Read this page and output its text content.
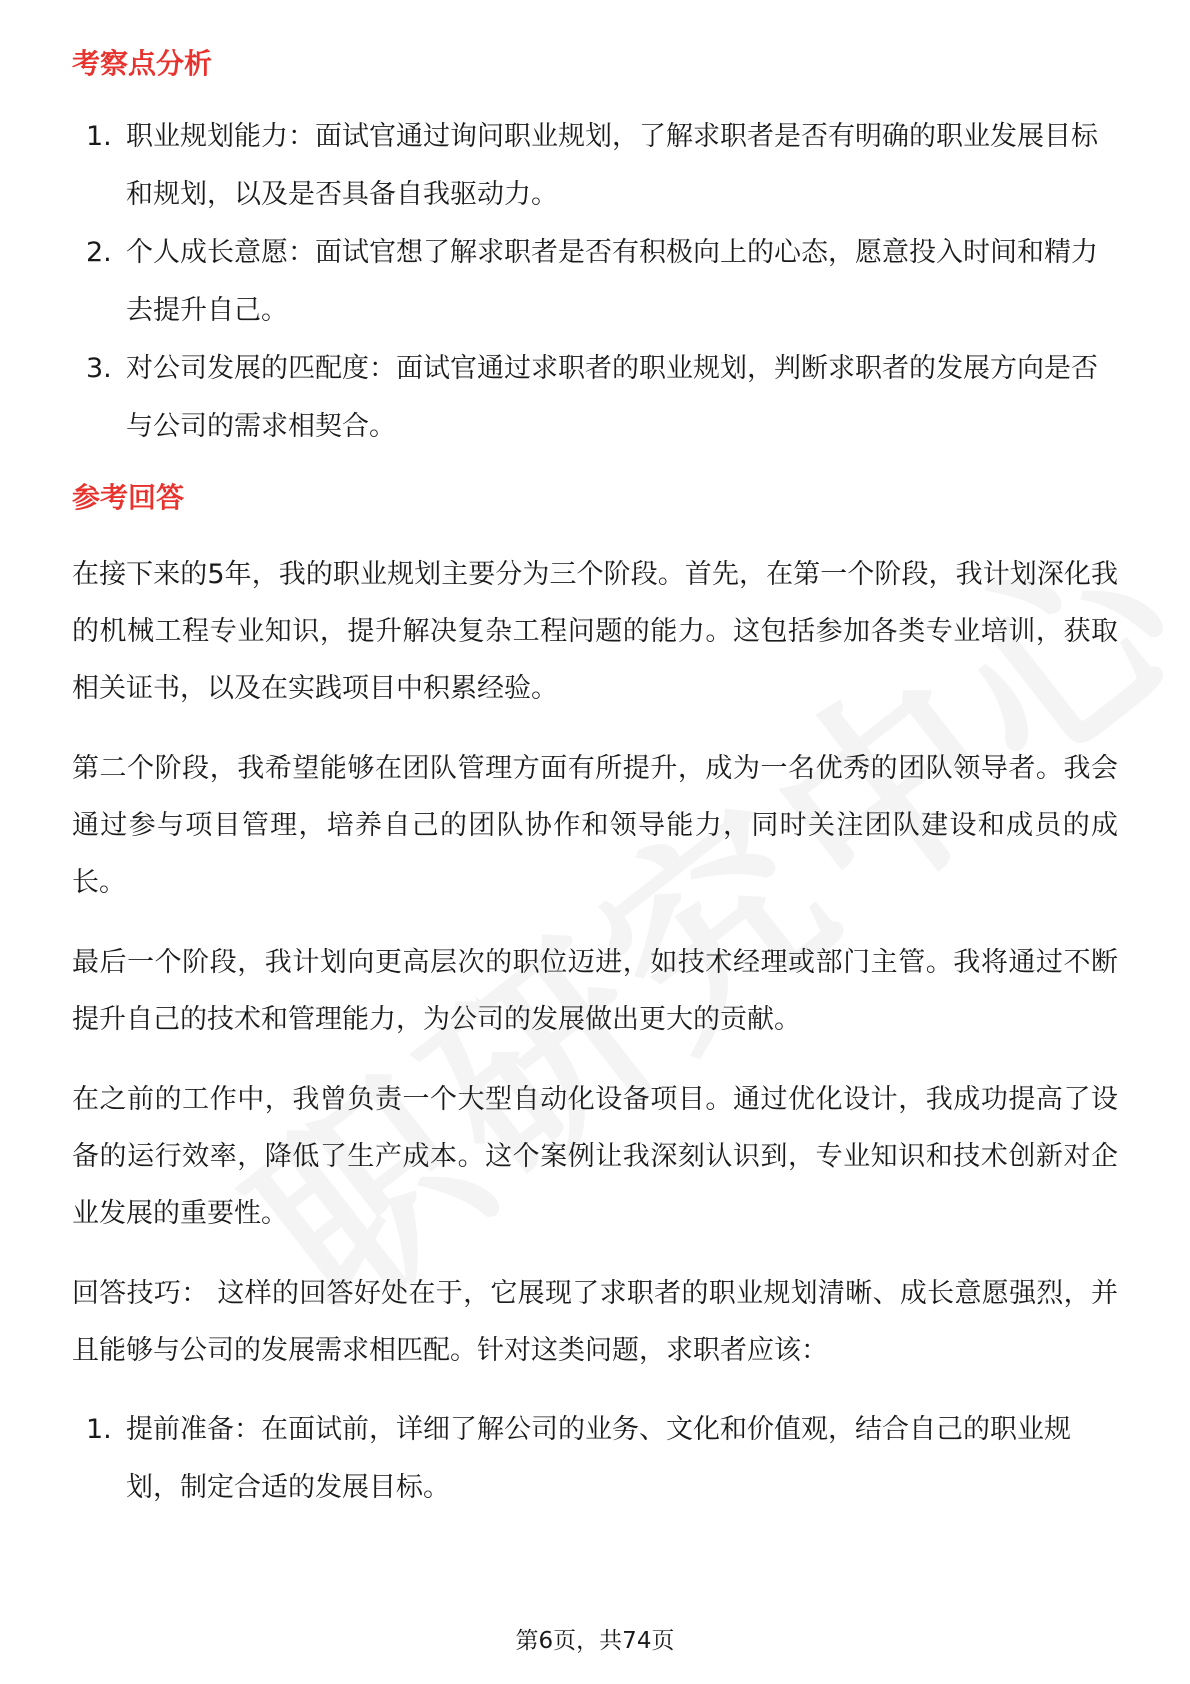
考察点分析
1. 职业规划能力：面试官通过询问职业规划，了解求职者是否有明确的职业发展目标和规划，以及是否具备自我驱动力。
2. 个人成长意愿：面试官想了解求职者是否有积极向上的心态，愿意投入时间和精力去提升自己。
3. 对公司发展的匹配度：面试官通过求职者的职业规划，判断求职者的发展方向是否与公司的需求相契合。
参考回答

在接下来的5年，我的职业规划主要分为三个阶段。首先，在第一个阶段，我计划深化我的机械工程专业知识，提升解决复杂工程问题的能力。这包括参加各类专业培训，获取相关证书，以及在实践项目中积累经验。

第二个阶段，我希望能够在团队管理方面有所提升，成为一名优秀的团队领导者。我会通过参与项目管理，培养自己的团队协作和领导能力，同时关注团队建设和成员的成长。

最后一个阶段，我计划向更高层次的职位迈进，如技术经理或部门主管。我将通过不断提升自己的技术和管理能力，为公司的发展做出更大的贡献。

在之前的工作中，我曾负责一个大型自动化设备项目。通过优化设计，我成功提高了设备的运行效率，降低了生产成本。这个案例让我深刻认识到，专业知识和技术创新对企业发展的重要性。

回答技巧： 这样的回答好处在于，它展现了求职者的职业规划清晰、成长意愿强烈，并且能够与公司的发展需求相匹配。针对这类问题，求职者应该：

1. 提前准备：在面试前，详细了解公司的业务、文化和价值观，结合自己的职业规划，制定合适的发展目标。
第6页，共74页
